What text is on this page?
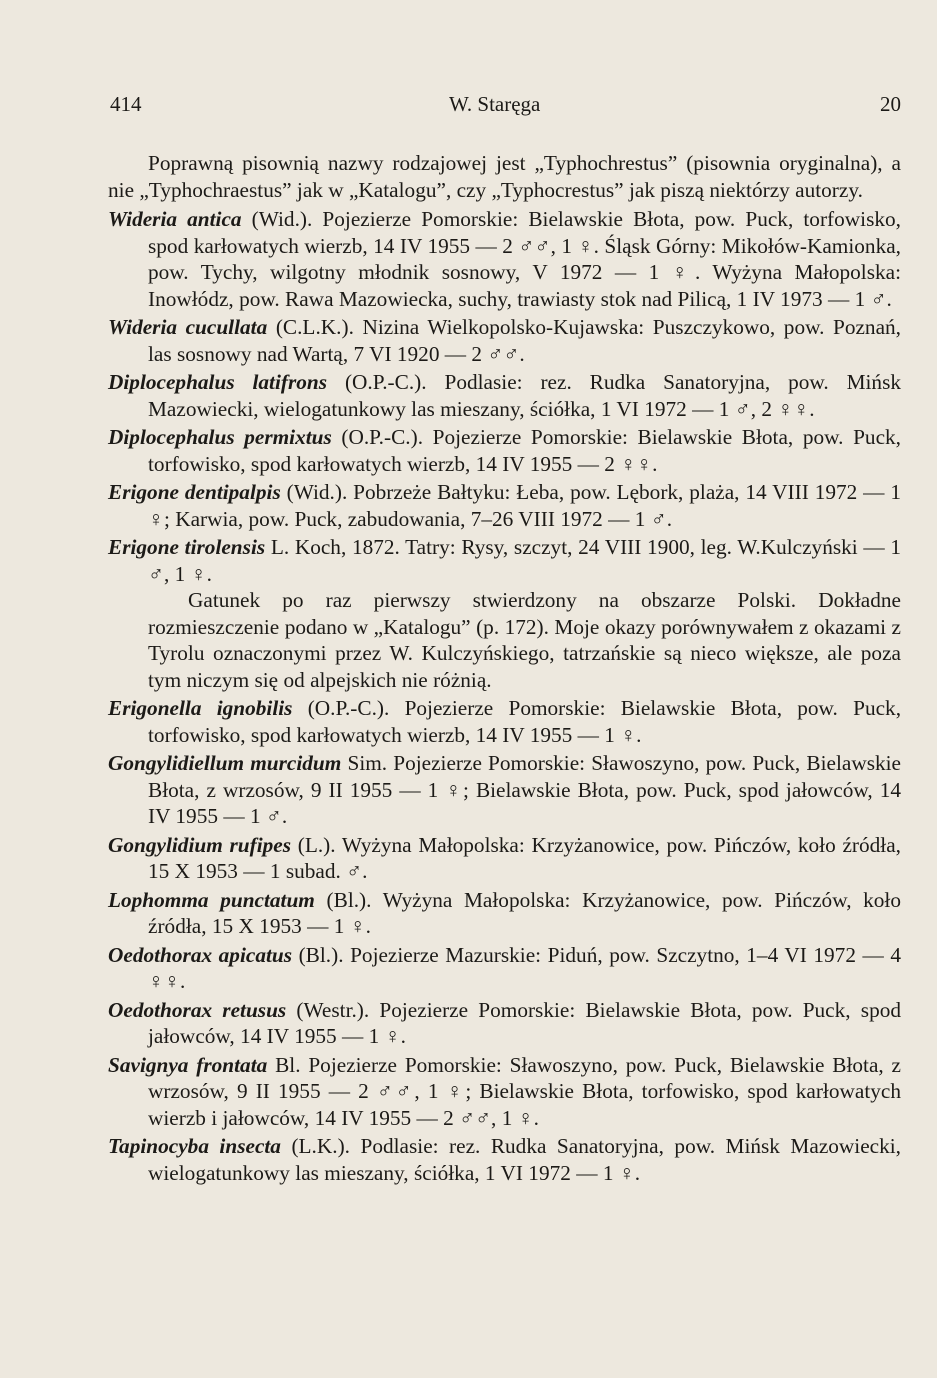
414	W. Staręga	20

Poprawną pisownią nazwy rodzajowej jest „Typhochrestus” (pisownia oryginalna), a nie „Typhochraestus” jak w „Katalogu”, czy „Typhocrestus” jak piszą niektórzy autorzy.

Wideria antica (Wid.). Pojezierze Pomorskie: Bielawskie Błota, pow. Puck, torfowisko, spod karłowatych wierzb, 14 IV 1955 — 2 ♂♂, 1 ♀. Śląsk Górny: Mikołów-Kamionka, pow. Tychy, wilgotny młodnik sosnowy, V 1972 — 1 ♀. Wyżyna Małopolska: Inowłódz, pow. Rawa Mazowiecka, suchy, trawiasty stok nad Pilicą, 1 IV 1973 — 1 ♂.

Wideria cucullata (C.L.K.). Nizina Wielkopolsko-Kujawska: Puszczykowo, pow. Poznań, las sosnowy nad Wartą, 7 VI 1920 — 2 ♂♂.

Diplocephalus latifrons (O.P.-C.). Podlasie: rez. Rudka Sanatoryjna, pow. Mińsk Mazowiecki, wielogatunkowy las mieszany, ściółka, 1 VI 1972 — 1 ♂, 2 ♀♀.

Diplocephalus permixtus (O.P.-C.). Pojezierze Pomorskie: Bielawskie Błota, pow. Puck, torfowisko, spod karłowatych wierzb, 14 IV 1955 — 2 ♀♀.

Erigone dentipalpis (Wid.). Pobrzeże Bałtyku: Łeba, pow. Lębork, plaża, 14 VIII 1972 — 1 ♀; Karwia, pow. Puck, zabudowania, 7–26 VIII 1972 — 1 ♂.

Erigone tirolensis L. Koch, 1872. Tatry: Rysy, szczyt, 24 VIII 1900, leg. W.Kulczyński — 1 ♂, 1 ♀.
Gatunek po raz pierwszy stwierdzony na obszarze Polski. Dokładne rozmieszczenie podano w „Katalogu” (p. 172). Moje okazy porównywałem z okazami z Tyrolu oznaczonymi przez W. Kulczyńskiego, tatrzańskie są nieco większe, ale poza tym niczym się od alpejskich nie różnią.

Erigonella ignobilis (O.P.-C.). Pojezierze Pomorskie: Bielawskie Błota, pow. Puck, torfowisko, spod karłowatych wierzb, 14 IV 1955 — 1 ♀.

Gongylidiellum murcidum Sim. Pojezierze Pomorskie: Sławoszyno, pow. Puck, Bielawskie Błota, z wrzosów, 9 II 1955 — 1 ♀; Bielawskie Błota, pow. Puck, spod jałowców, 14 IV 1955 — 1 ♂.

Gongylidium rufipes (L.). Wyżyna Małopolska: Krzyżanowice, pow. Pińczów, koło źródła, 15 X 1953 — 1 subad. ♂.

Lophomma punctatum (Bl.). Wyżyna Małopolska: Krzyżanowice, pow. Pińczów, koło źródła, 15 X 1953 — 1 ♀.

Oedothorax apicatus (Bl.). Pojezierze Mazurskie: Piduń, pow. Szczytno, 1–4 VI 1972 — 4 ♀♀.

Oedothorax retusus (Westr.). Pojezierze Pomorskie: Bielawskie Błota, pow. Puck, spod jałowców, 14 IV 1955 — 1 ♀.

Savignya frontata Bl. Pojezierze Pomorskie: Sławoszyno, pow. Puck, Bielawskie Błota, z wrzosów, 9 II 1955 — 2 ♂♂, 1 ♀; Bielawskie Błota, torfowisko, spod karłowatych wierzb i jałowców, 14 IV 1955 — 2 ♂♂, 1 ♀.

Tapinocyba insecta (L.K.). Podlasie: rez. Rudka Sanatoryjna, pow. Mińsk Mazowiecki, wielogatunkowy las mieszany, ściółka, 1 VI 1972 — 1 ♀.
